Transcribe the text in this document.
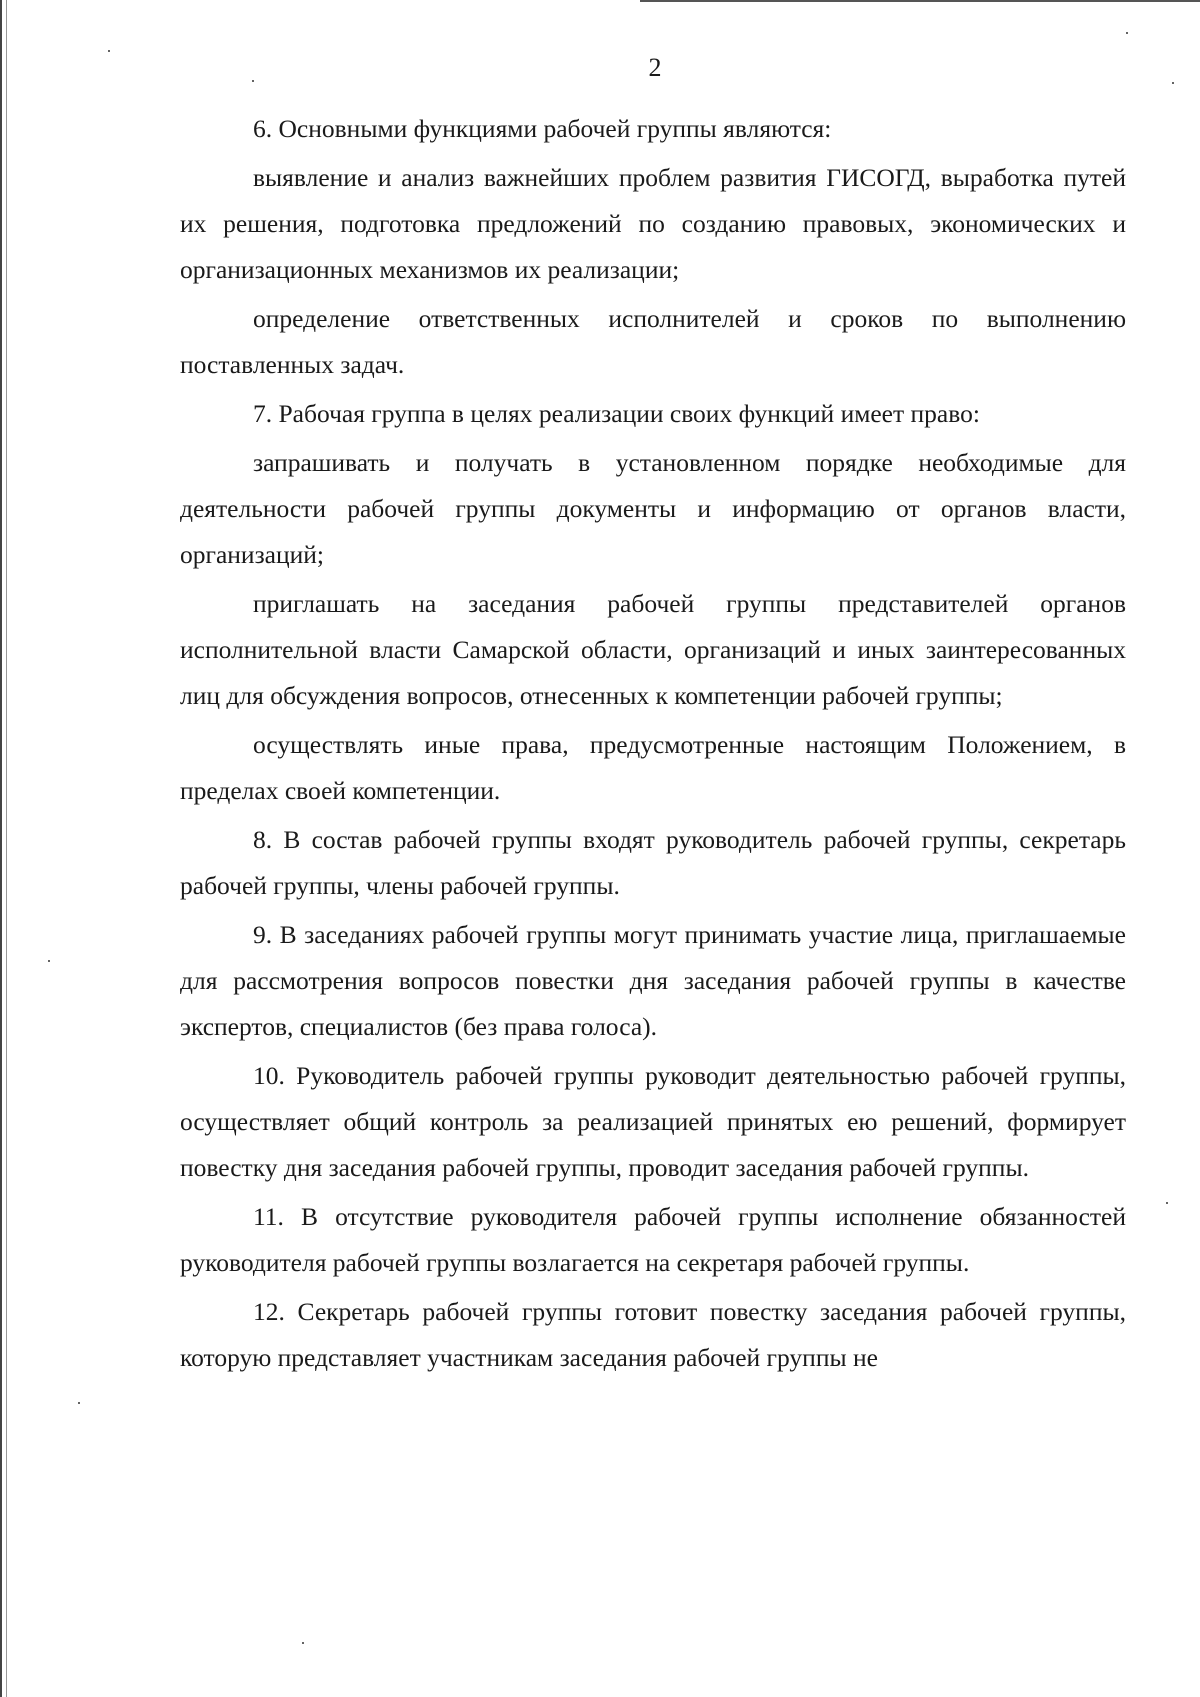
2

6. Основными функциями рабочей группы являются:

выявление и анализ важнейших проблем развития ГИСОГД, выработка путей их решения, подготовка предложений по созданию правовых, экономических и организационных механизмов их реализации;

определение ответственных исполнителей и сроков по выполнению поставленных задач.

7. Рабочая группа в целях реализации своих функций имеет право:

запрашивать и получать в установленном порядке необходимые для деятельности рабочей группы документы и информацию от органов власти, организаций;

приглашать на заседания рабочей группы представителей органов исполнительной власти Самарской области, организаций и иных заинтересованных лиц для обсуждения вопросов, отнесенных к компетенции рабочей группы;

осуществлять иные права, предусмотренные настоящим Положением, в пределах своей компетенции.

8. В состав рабочей группы входят руководитель рабочей группы, секретарь рабочей группы, члены рабочей группы.

9. В заседаниях рабочей группы могут принимать участие лица, приглашаемые для рассмотрения вопросов повестки дня заседания рабочей группы в качестве экспертов, специалистов (без права голоса).

10. Руководитель рабочей группы руководит деятельностью рабочей группы, осуществляет общий контроль за реализацией принятых ею решений, формирует повестку дня заседания рабочей группы, проводит заседания рабочей группы.

11. В отсутствие руководителя рабочей группы исполнение обязанностей руководителя рабочей группы возлагается на секретаря рабочей группы.

12. Секретарь рабочей группы готовит повестку заседания рабочей группы, которую представляет участникам заседания рабочей группы не
